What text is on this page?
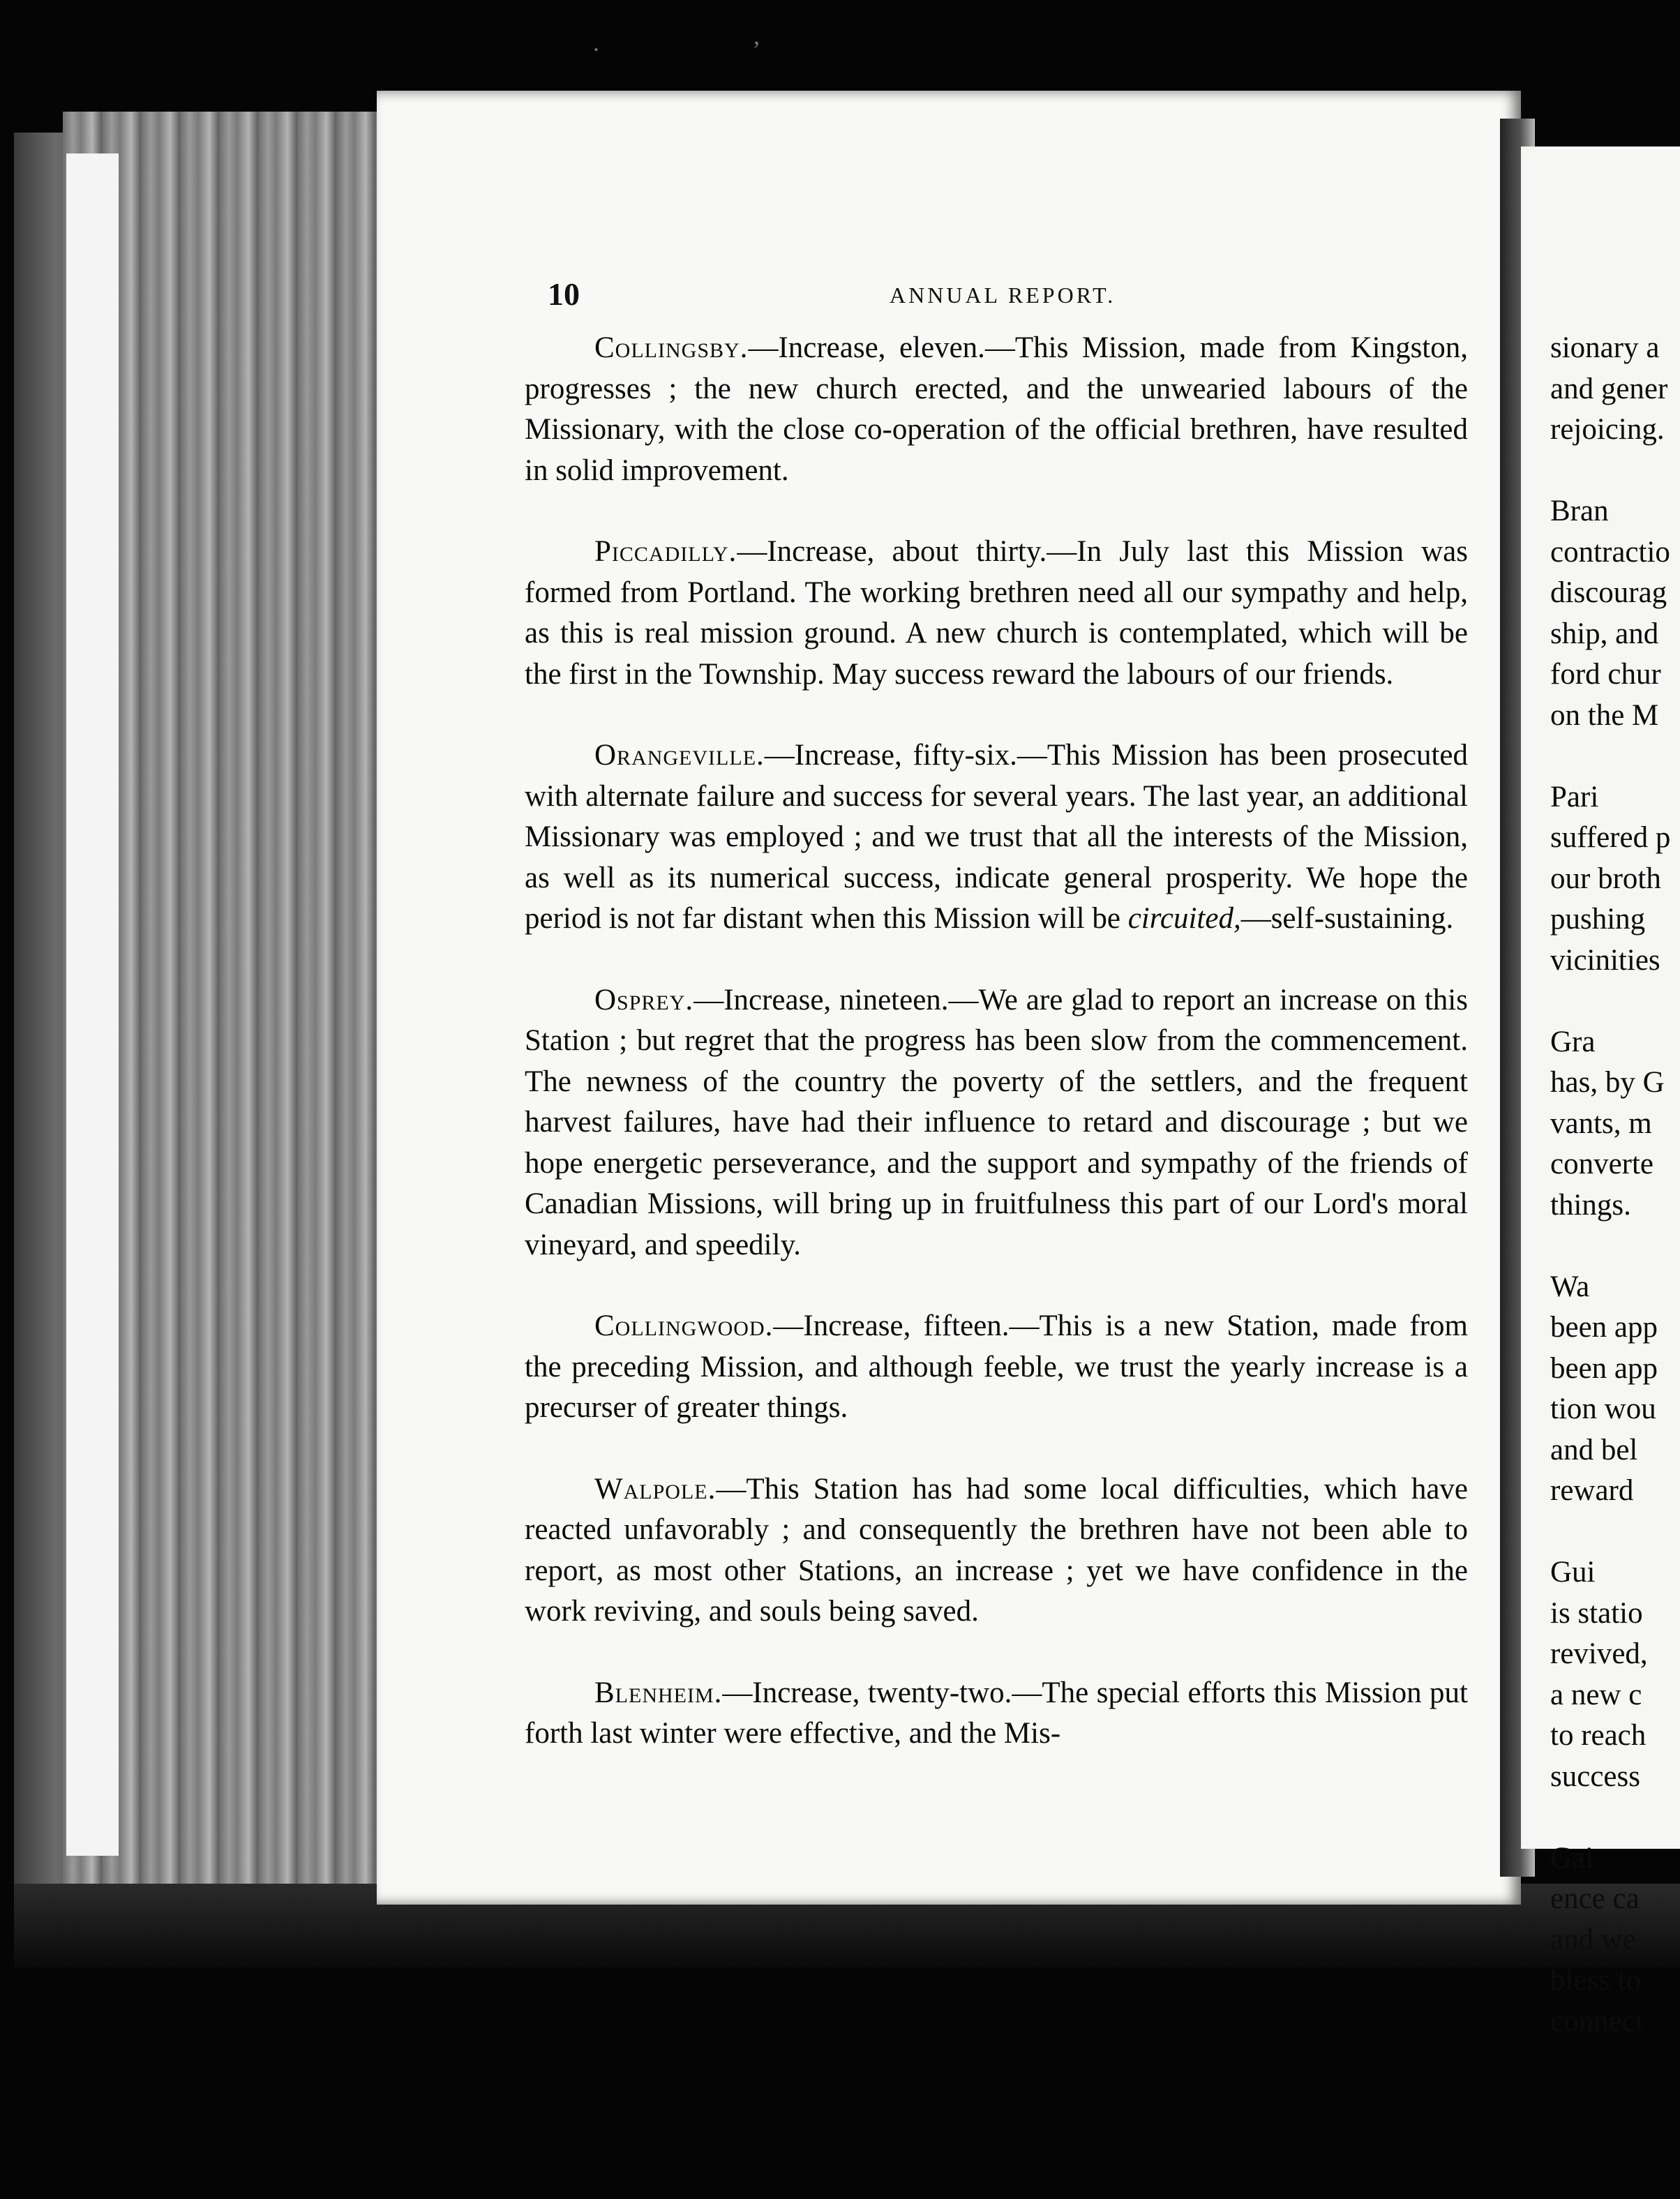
10	ANNUAL REPORT.

Collingsby.—Increase, eleven.—This Mission, made from Kingston, progresses ; the new church erected, and the unwearied labours of the Missionary, with the close co-operation of the official brethren, have resulted in solid improvement.

Piccadilly.—Increase, about thirty.—In July last this Mission was formed from Portland. The working brethren need all our sympathy and help, as this is real mission ground. A new church is contemplated, which will be the first in the Township. May success reward the labours of our friends.

Orangeville.—Increase, fifty-six.—This Mission has been prosecuted with alternate failure and success for several years. The last year, an additional Missionary was employed ; and we trust that all the interests of the Mission, as well as its numerical success, indicate general prosperity. We hope the period is not far distant when this Mission will be circuited,—self-sustaining.

Osprey.—Increase, nineteen.—We are glad to report an increase on this Station ; but regret that the progress has been slow from the commencement. The newness of the country the poverty of the settlers, and the frequent harvest failures, have had their influence to retard and discourage ; but we hope energetic perseverance, and the support and sympathy of the friends of Canadian Missions, will bring up in fruitfulness this part of our Lord's moral vineyard, and speedily.

Collingwood.—Increase, fifteen.—This is a new Station, made from the preceding Mission, and although feeble, we trust the yearly increase is a precurser of greater things.

Walpole.—This Station has had some local difficulties, which have reacted unfavorably ; and consequently the brethren have not been able to report, as most other Stations, an increase ; yet we have confidence in the work reviving, and souls being saved.

Blenheim.—Increase, twenty-two.—The special efforts this Mission put forth last winter were effective, and the Mis-

sionary a
and gener
rejoicing.
Bran
contractio
discourag
ship, and
ford chur
on the M
Pari
suffered p
our broth
pushing
vicinities
Gra
has, by G
vants, m
converte
things.
Wa
been app
been app
tion wou
and bel
reward
Gui
is statio
revived,
a new c
to reach
success
Gai
ence ca
and we
bless to
connect
.	,
